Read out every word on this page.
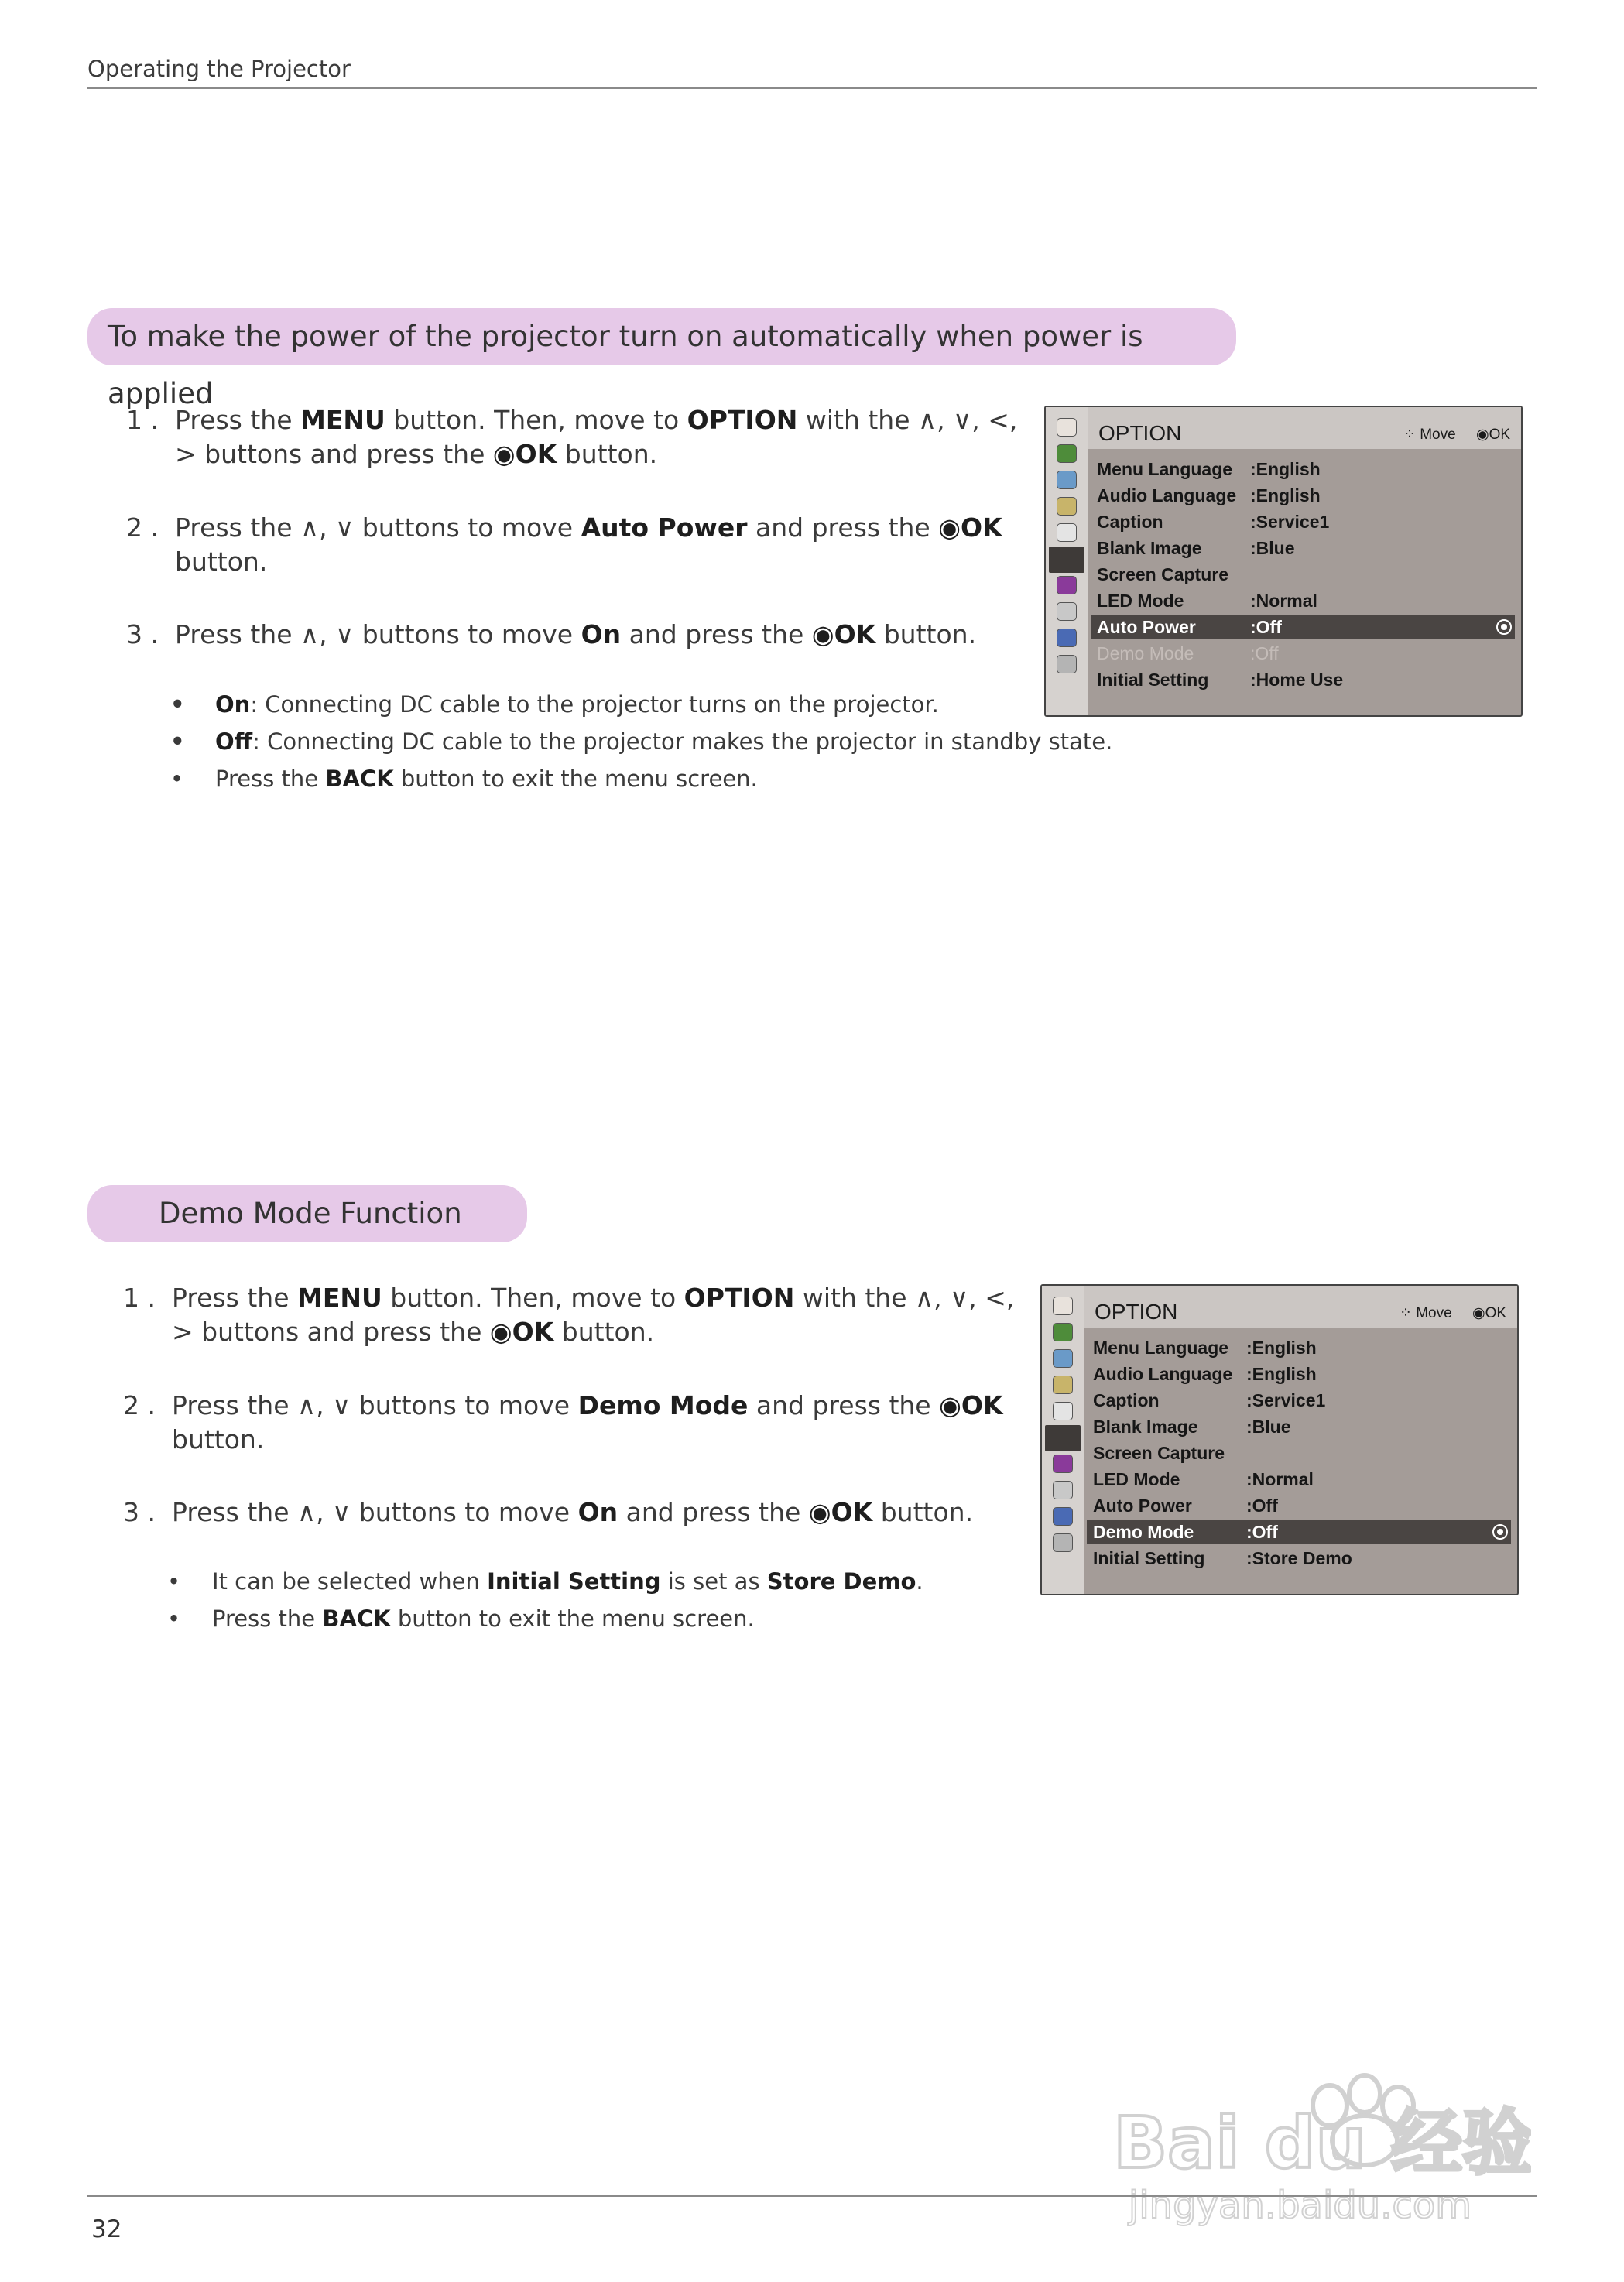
Operating the Projector
To make the power of the projector turn on automatically when power is applied
1 . Press the MENU button. Then, move to OPTION with the ∧, ∨, <,
> buttons and press the ◉OK button.
2 . Press the ∧, ∨ buttons to move Auto Power and press the ◉OK
button.
3 . Press the ∧, ∨ buttons to move On and press the ◉OK button.
• On: Connecting DC cable to the projector turns on the projector.
• Off: Connecting DC cable to the projector makes the projector in standby state.
• Press the BACK button to exit the menu screen.
OPTION	⁘ Move ◉OK
Menu Language :English
Audio Language :English
Caption	:Service1
Blank Image	:Blue
Screen Capture
LED Mode	:Normal
Auto Power	:Off
Demo Mode	:Off
Initial Setting :Home Use
Demo Mode Function
1 . Press the MENU button. Then, move to OPTION with the ∧, ∨, <,
> buttons and press the ◉OK button.
2 . Press the ∧, ∨ buttons to move Demo Mode and press the ◉OK
button.
3 . Press the ∧, ∨ buttons to move On and press the ◉OK button.
• It can be selected when Initial Setting is set as Store Demo.
• Press the BACK button to exit the menu screen.
OPTION	⁘ Move ◉OK
Menu Language :English
Audio Language :English
Caption	:Service1
Blank Image	:Blue
Screen Capture
LED Mode	:Normal
Auto Power	:Off
Demo Mode	:Off
Initial Setting :Store Demo
32
Bai du 经验
jingyan.baidu.com
